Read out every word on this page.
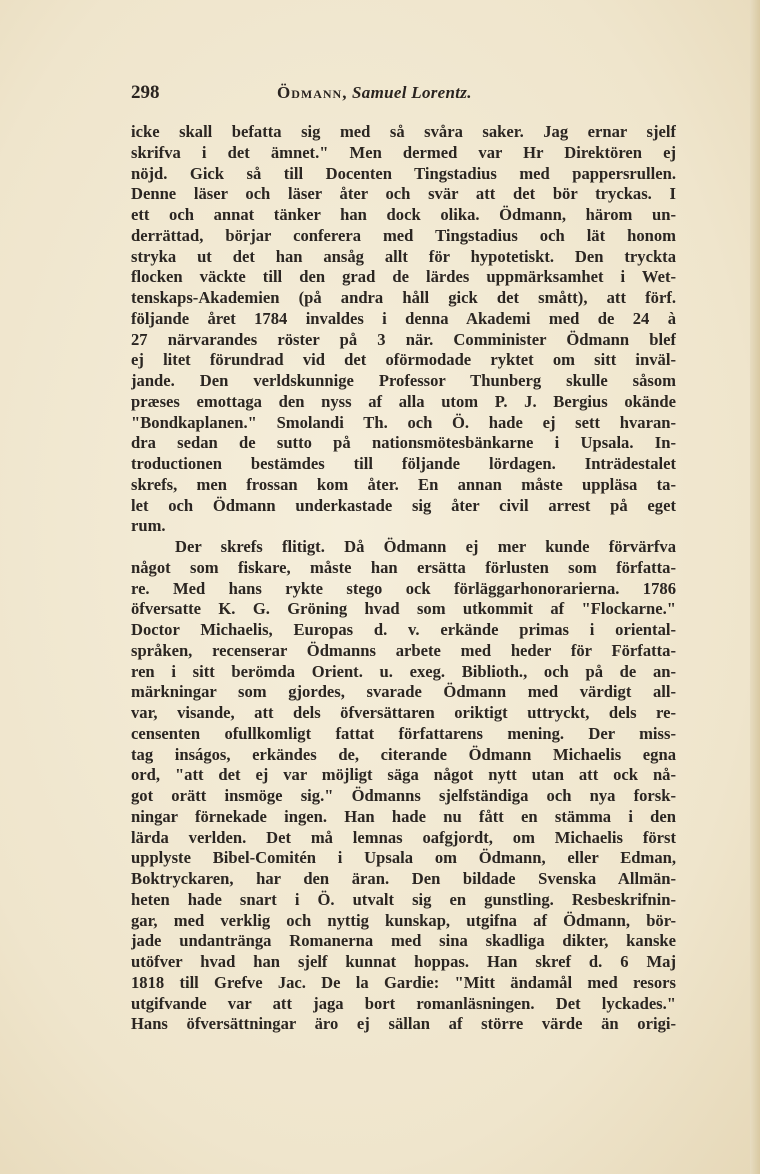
298	Ödmann, Samuel Lorentz.
icke skall befatta sig med så svåra saker. Jag ernar sjelf
skrifva i det ämnet." Men dermed var Hr Direktören ej
nöjd. Gick så till Docenten Tingstadius med pappersrullen.
Denne läser och läser åter och svär att det bör tryckas. I
ett och annat tänker han dock olika. Ödmann, härom un-
derrättad, börjar conferera med Tingstadius och lät honom
stryka ut det han ansåg allt för hypotetiskt. Den tryckta
flocken väckte till den grad de lärdes uppmärksamhet i Wet-
tenskaps-Akademien (på andra håll gick det smått), att förf.
följande året 1784 invaldes i denna Akademi med de 24 à
27 närvarandes röster på 3 när. Comminister Ödmann blef
ej litet förundrad vid det oförmodade ryktet om sitt inväl-
jande. Den verldskunnige Professor Thunberg skulle såsom
præses emottaga den nyss af alla utom P. J. Bergius okände
"Bondkaplanen." Smolandi Th. och Ö. hade ej sett hvaran-
dra sedan de sutto på nationsmötesbänkarne i Upsala. In-
troductionen bestämdes till följande lördagen. Inträdestalet
skrefs, men frossan kom åter. En annan måste uppläsa ta-
let och Ödmann underkastade sig åter civil arrest på eget
rum.
Der skrefs flitigt. Då Ödmann ej mer kunde förvärfva
något som fiskare, måste han ersätta förlusten som författa-
re. Med hans rykte stego ock förläggarhonorarierna. 1786
öfversatte K. G. Gröning hvad som utkommit af "Flockarne."
Doctor Michaelis, Europas d. v. erkände primas i oriental-
språken, recenserar Ödmanns arbete med heder för Författa-
ren i sitt berömda Orient. u. exeg. Biblioth., och på de an-
märkningar som gjordes, svarade Ödmann med värdigt all-
var, visande, att dels öfversättaren oriktigt uttryckt, dels re-
censenten ofullkomligt fattat författarens mening. Der miss-
tag inságos, erkändes de, citerande Ödmann Michaelis egna
ord, "att det ej var möjligt säga något nytt utan att ock nå-
got orätt insmöge sig." Ödmanns sjelfständiga och nya forsk-
ningar förnekade ingen. Han hade nu fått en stämma i den
lärda verlden. Det må lemnas oafgjordt, om Michaelis först
upplyste Bibel-Comitén i Upsala om Ödmann, eller Edman,
Boktryckaren, har den äran. Den bildade Svenska Allmän-
heten hade snart i Ö. utvalt sig en gunstling. Resbeskrifnin-
gar, med verklig och nyttig kunskap, utgifna af Ödmann, bör-
jade undantränga Romanerna med sina skadliga dikter, kanske
utöfver hvad han sjelf kunnat hoppas. Han skref d. 6 Maj
1818 till Grefve Jac. De la Gardie: "Mitt ändamål med resors
utgifvande var att jaga bort romanläsningen. Det lyckades."
Hans öfversättningar äro ej sällan af större värde än origi-
